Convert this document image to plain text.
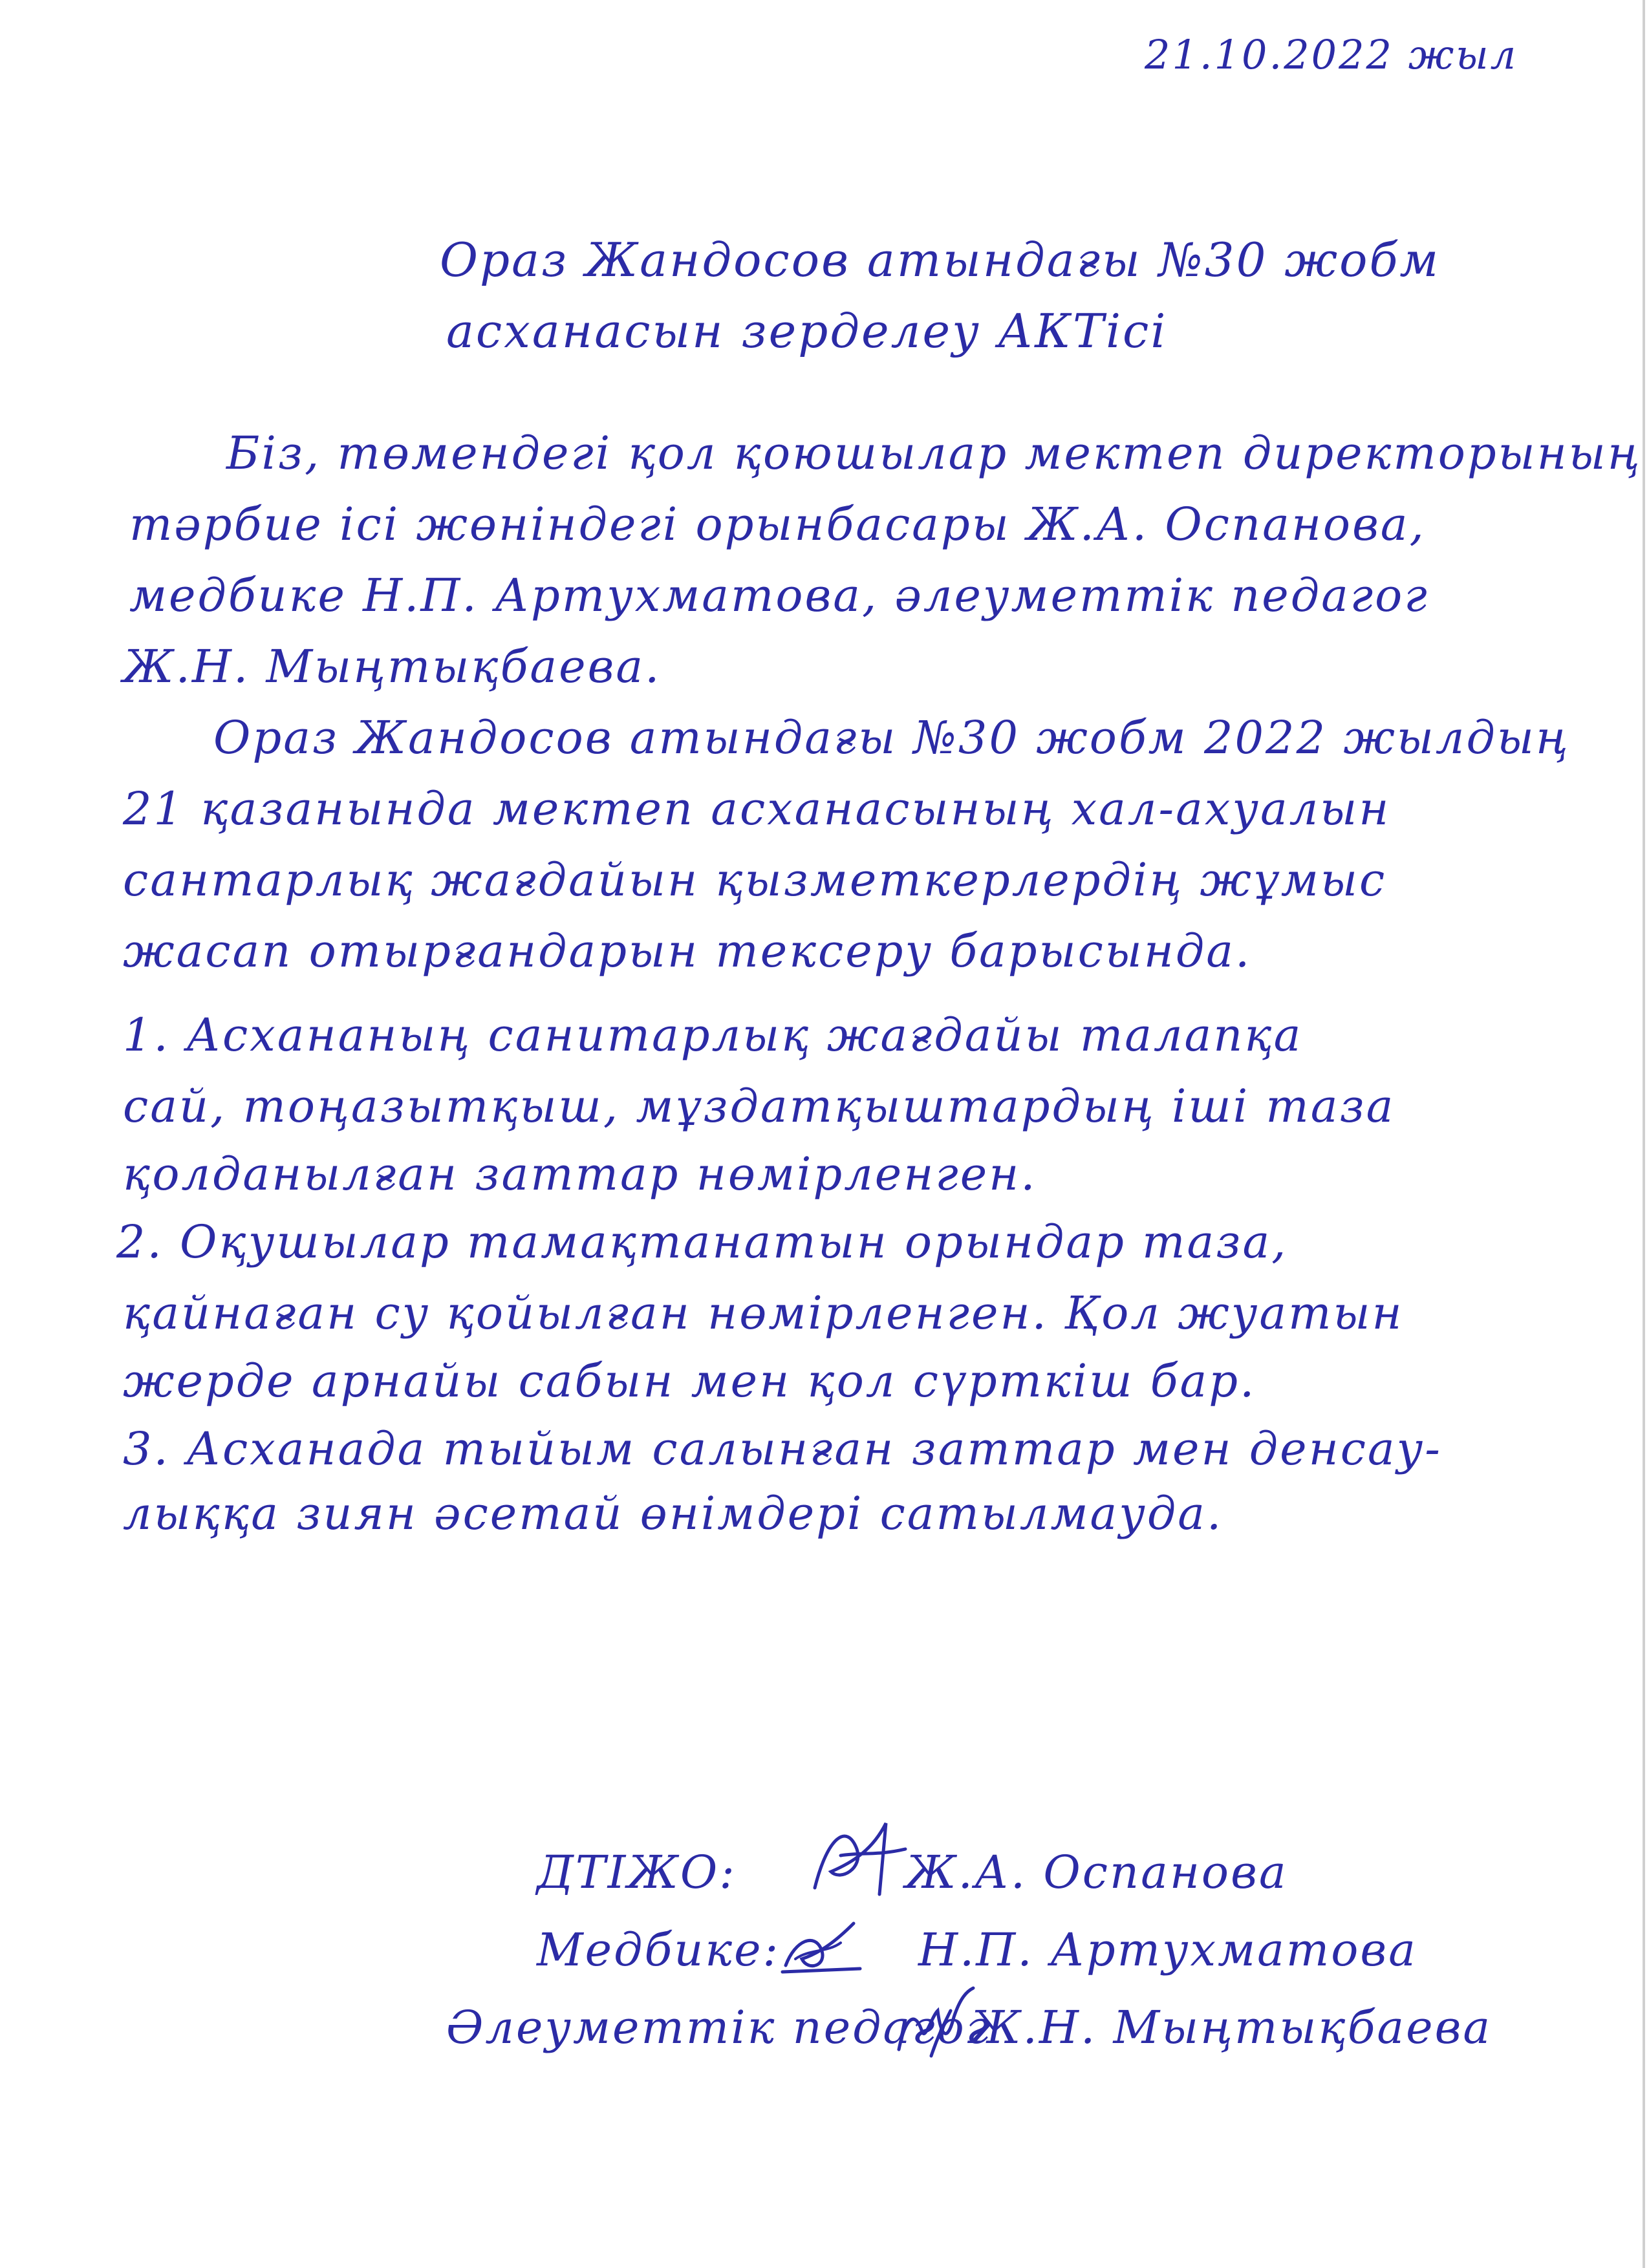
21.10.2022 жыл
Ораз Жандосов атындағы №30 жобм
асханасын зерделеу АКТісі
Біз, төмендегі қол қоюшылар мектеп директорының
тәрбие ісі жөніндегі орынбасары Ж.А. Оспанова,
медбике Н.П. Артухматова, әлеуметтік педагог
Ж.Н. Мыңтықбаева.
Ораз Жандосов атындағы №30 жобм 2022 жылдың
21 қазанында мектеп асханасының хал-ахуалын
сантарлық жағдайын қызметкерлердің жұмыс
жасап отырғандарын тексеру барысында.
1. Асхананың санитарлық жағдайы талапқа
сай, тоңазытқыш, мұздатқыштардың іші таза
қолданылған заттар нөмірленген.
2. Оқушылар тамақтанатын орындар таза,
қайнаған су қойылған нөмірленген. Қол жуатын
жерде арнайы сабын мен қол сүрткіш бар.
3. Асханада тыйым салынған заттар мен денсау-
лыққа зиян әсетай өнімдері сатылмауда.
ДТІЖО:	Ж.А. Оспанова
Медбике:	Н.П. Артухматова
Әлеуметтік педагог
Ж.Н. Мыңтықбаева
